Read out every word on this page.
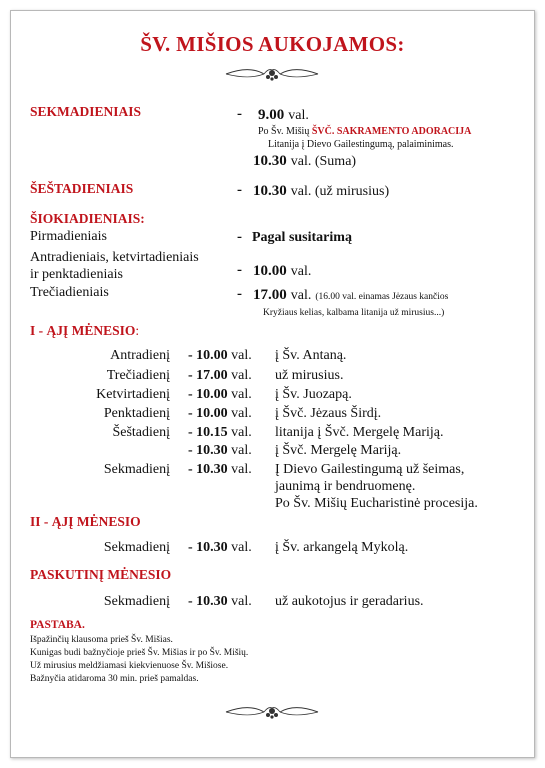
ŠV. MIŠIOS AUKOJAMOS:
SEKMADIENIAIS	- 9.00 val.
Po Šv. Mišių ŠVČ. SAKRAMENTO ADORACIJA
Litanija į Dievo Gailestingumą, palaiminimas.
10.30 val. (Suma)
ŠEŠTADIENIAIS	- 10.30 val. (už mirusius)
ŠIOKIADIENIAIS:
Pirmadieniais	- Pagal susitarimą
Antradieniais, ketvirtadieniais
ir penktadieniais	- 10.00 val.
Trečiadieniais	- 17.00 val. (16.00 val. einamas Jėzaus kančios
Kryžiaus kelias, kalbama litanija už mirusius...)
I - ĄJĮ MĖNESIO:
Antradienį - 10.00 val. į Šv. Antaną.
Trečiadienį - 17.00 val. už mirusius.
Ketvirtadienį - 10.00 val. į Šv. Juozapą.
Penktadienį - 10.00 val. į Švč. Jėzaus Širdį.
Šeštadienį - 10.15 val. litanija į Švč. Mergelę Mariją.
- 10.30 val. į Švč. Mergelę Mariją.
Sekmadienį - 10.30 val. Į Dievo Gailestingumą už šeimas,
jaunimą ir bendruomenę.
Po Šv. Mišių Eucharistinė procesija.
II - ĄJĮ MĖNESIO
Sekmadienį - 10.30 val. į Šv. arkangelą Mykolą.
PASKUTINĮ MĖNESIO
Sekmadienį - 10.30 val. už aukotojus ir geradarius.
PASTABA.
Išpažinčių klausoma prieš Šv. Mišias.
Kunigas budi bažnyčioje prieš Šv. Mišias ir po Šv. Mišių.
Už mirusius meldžiamasi kiekvienuose Šv. Mišiose.
Bažnyčia atidaroma 30 min. prieš pamaldas.
